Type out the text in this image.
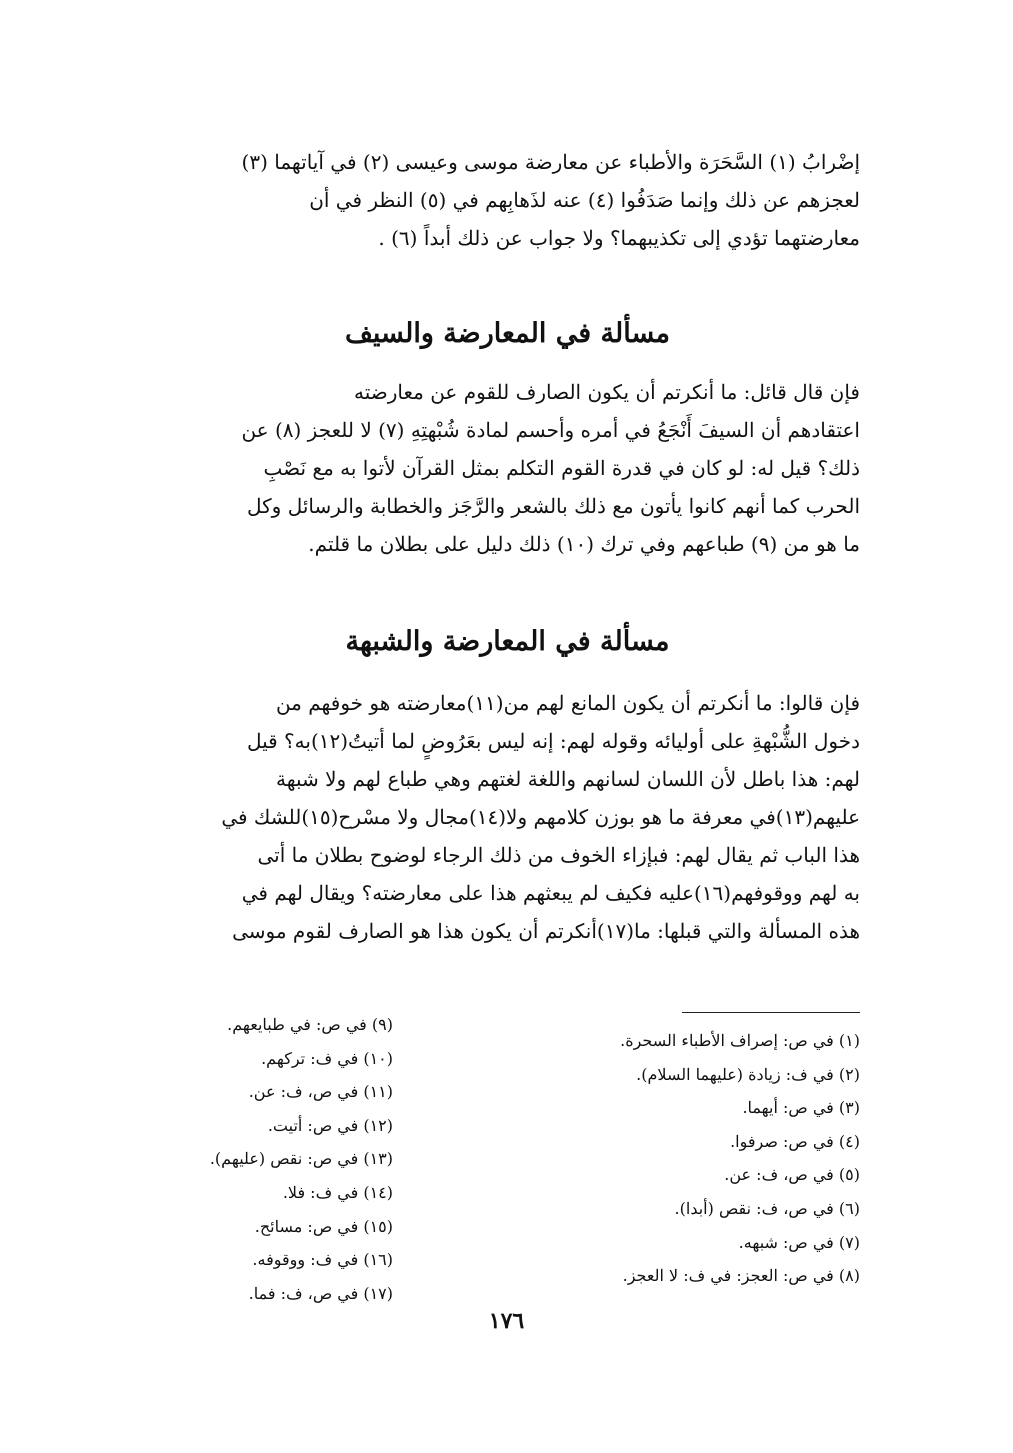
إضْرابُ (١) السَّحَرَة والأطباء عن معارضة موسى وعيسى (٢) في آياتهما (٣)

لعجزهم عن ذلك وإنما صَدَفُوا (٤) عنه لذَهابِهم في (٥) النظر في أن

معارضتهما تؤدي إلى تكذيبهما؟ ولا جواب عن ذلك أبداً (٦) .

مسألة في المعارضة والسيف

فإن قال قائل: ما أنكرتم أن يكون الصارف للقوم عن معارضته

اعتقادهم أن السيفَ أَنْجَعُ في أمره وأحسم لمادة شُبْهتِهِ (٧) لا للعجز (٨) عن

ذلك؟ قيل له: لو كان في قدرة القوم التكلم بمثل القرآن لأتوا به مع نَصْبِ

الحرب كما أنهم كانوا يأتون مع ذلك بالشعر والرَّجَز والخطابة والرسائل وكل

ما هو من (٩) طباعهم وفي ترك (١٠) ذلك دليل على بطلان ما قلتم.

مسألة في المعارضة والشبهة

فإن قالوا: ما أنكرتم أن يكون المانع لهم من(١١)معارضته هو خوفهم من

دخول الشُّبْهةِ على أوليائه وقوله لهم: إنه ليس بعَرُوضٍ لما أتيتُ(١٢)به؟ قيل

لهم: هذا باطل لأن اللسان لسانهم واللغة لغتهم وهي طباع لهم ولا شبهة

عليهم(١٣)في معرفة ما هو بوزن كلامهم ولا(١٤)مجال ولا مسْرح(١٥)للشك في

هذا الباب ثم يقال لهم: فبإزاء الخوف من ذلك الرجاء لوضوح بطلان ما أتى

به لهم ووقوفهم(١٦)عليه فكيف لم يبعثهم هذا على معارضته؟ ويقال لهم في

هذه المسألة والتي قبلها: ما(١٧)أنكرتم أن يكون هذا هو الصارف لقوم موسى

(١) في ص: إصراف الأطباء السحرة.
(٢) في ف: زيادة (عليهما السلام).
(٣) في ص: أيهما.
(٤) في ص: صرفوا.
(٥) في ص، ف: عن.
(٦) في ص، ف: نقص (أبدا).
(٧) في ص: شبهه.
(٨) في ص: العجز: في ف: لا العجز.
(٩) في ص: في طبايعهم.
(١٠) في ف: تركهم.
(١١) في ص، ف: عن.
(١٢) في ص: أتيت.
(١٣) في ص: نقص (عليهم).
(١٤) في ف: فلا.
(١٥) في ص: مسائح.
(١٦) في ف: ووقوفه.
(١٧) في ص، ف: فما.
١٧٦
